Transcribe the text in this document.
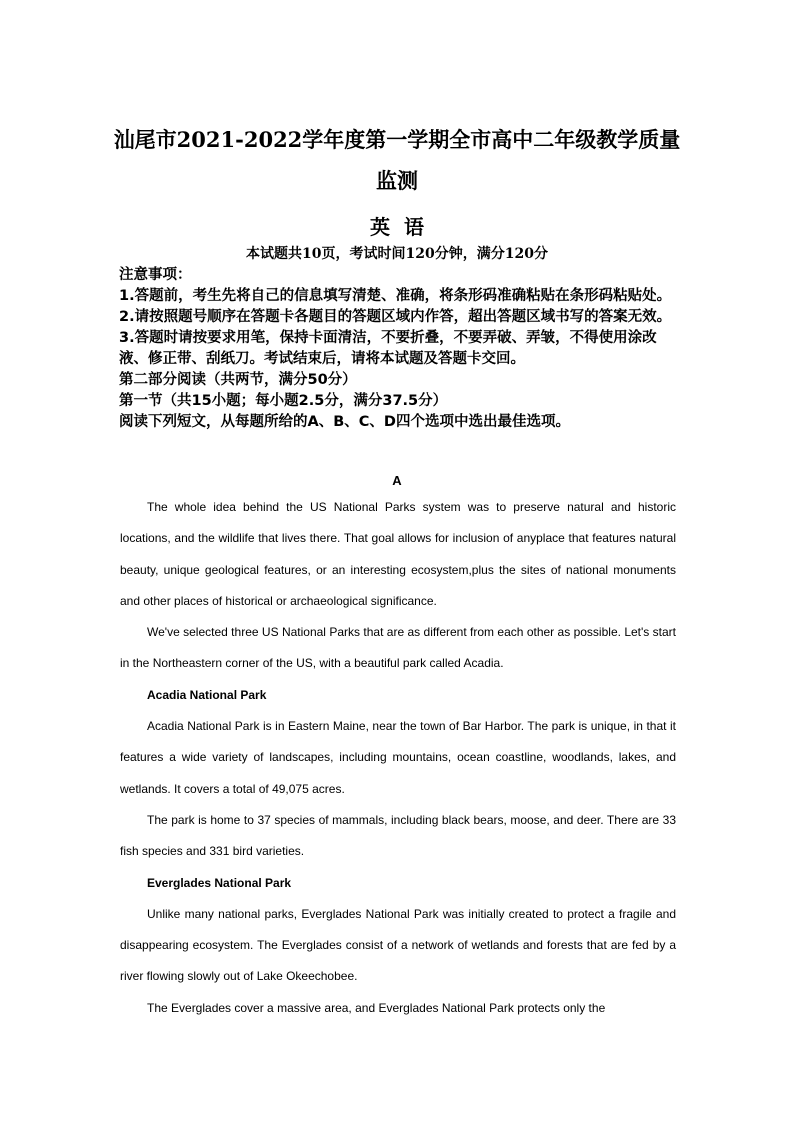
汕尾市2021-2022学年度第一学期全市高中二年级教学质量
监测
英语

本试题共10页，考试时间120分钟，满分120分

注意事项：

1.答题前，考生先将自己的信息填写清楚、准确，将条形码准确粘贴在条形码粘贴处。

2.请按照题号顺序在答题卡各题目的答题区域内作答，超出答题区域书写的答案无效。

3.答题时请按要求用笔，保持卡面清洁，不要折叠，不要弄破、弄皱，不得使用涂改液、修正带、刮纸刀。考试结束后，请将本试题及答题卡交回。

第二部分阅读（共两节，满分50分）

第一节（共15小题；每小题2.5分，满分37.5分）

阅读下列短文，从每题所给的A、B、C、D四个选项中选出最佳选项。

A

The whole idea behind the US National Parks system was to preserve natural and historic locations, and the wildlife that lives there. That goal allows for inclusion of anyplace that features natural beauty, unique geological features, or an interesting ecosystem,plus the sites of national monuments and other places of historical or archaeological significance.

We've selected three US National Parks that are as different from each other as possible. Let's start in the Northeastern corner of the US, with a beautiful park called Acadia.

Acadia National Park

Acadia National Park is in Eastern Maine, near the town of Bar Harbor. The park is unique, in that it features a wide variety of landscapes, including mountains, ocean coastline, woodlands, lakes, and wetlands. It covers a total of 49,075 acres.

The park is home to 37 species of mammals, including black bears, moose, and deer. There are 33 fish species and 331 bird varieties.

Everglades National Park

Unlike many national parks, Everglades National Park was initially created to protect a fragile and disappearing ecosystem. The Everglades consist of a network of wetlands and forests that are fed by a river flowing slowly out of Lake Okeechobee.

The Everglades cover a massive area, and Everglades National Park protects only the
